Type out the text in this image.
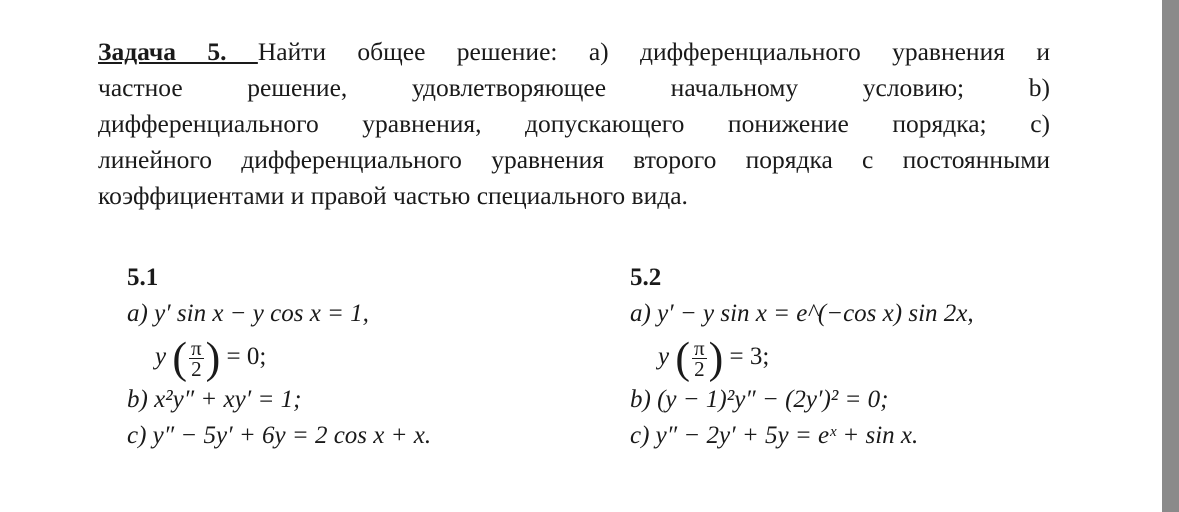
Задача 5. Найти общее решение: а) дифференциального уравнения и
частное решение, удовлетворяющее начальному условию; b)
дифференциального уравнения, допускающего понижение порядка; c)
линейного дифференциального уравнения второго порядка с постоянными
коэффициентами и правой частью специального вида.
5.1
a) y′ sin x − y cos x = 1,
y ( $\frac{\pi}{2}$ ) = 0;
b) x²y″ + xy′ = 1;
c) y″ − 5y′ + 6y = 2 cos x + x.
5.2
a) y′ − y sin x = e^(−cos x) sin 2x,
y ( $\frac{\pi}{2}$ ) = 3;
b) (y − 1)²y″ − (2y′)² = 0;
c) y″ − 2y′ + 5y = eˣ + sin x.
